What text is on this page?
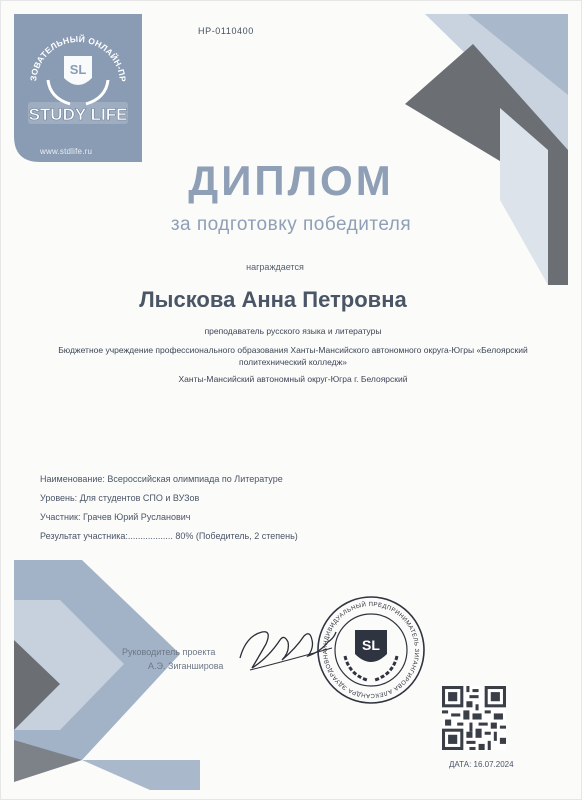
ЗОВАТЕЛЬНЫЙ ОНЛАЙН-ПР
SL
STUDY LIFE
www.stdlife.ru
НР-0110400
ДИПЛОМ
за подготовку победителя
награждается
Лыскова Анна Петровна
преподаватель русского языка и литературы
Бюджетное учреждение профессионального образования Ханты-Мансийского автономного округа-Югры «Белоярский
политехнический колледж»
Ханты-Мансийский автономный округ-Югра г. Белоярский
Наименование: Всероссийская олимпиада по Литературе
Уровень: Для студентов СПО и ВУЗов
Участник: Грачев Юрий Русланович
Результат участника:.................. 80% (Победитель, 2 степень)
Руководитель проекта
А.Э. Зиганширова
ИНДИВИДУАЛЬНЫЙ ПРЕДПРИНИМАТЕЛЬ ЗИГАНГИРОВА АЛЕКСАНДРА ЭДУАРДОВНА	SL
ДАТА: 16.07.2024
